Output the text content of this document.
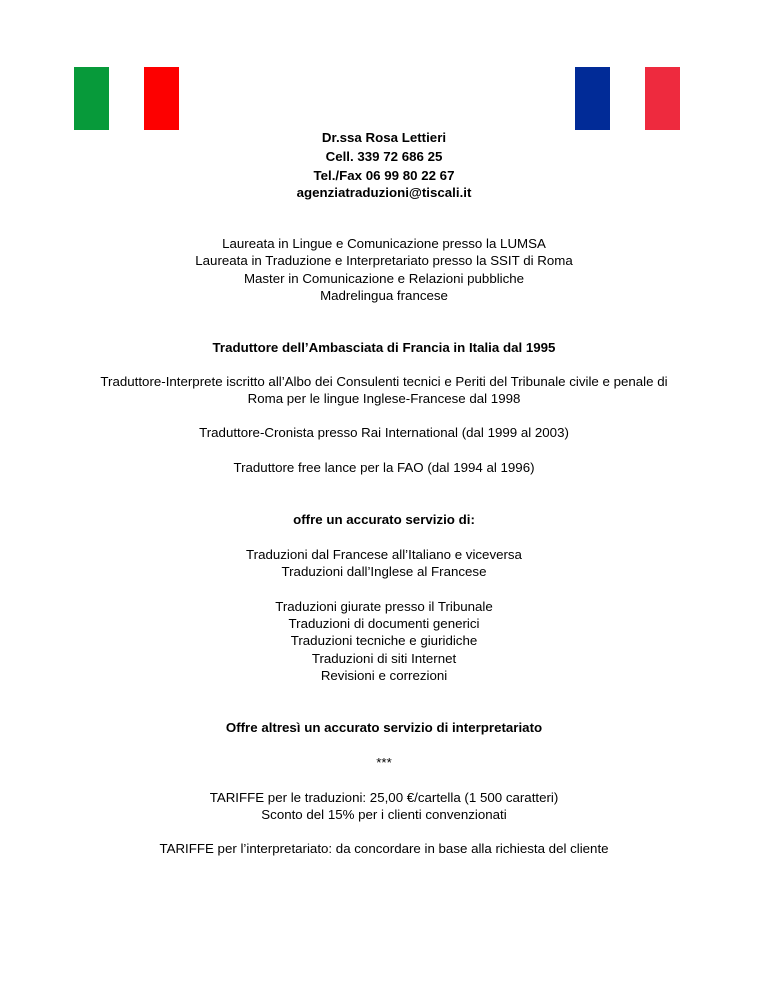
Dr.ssa Rosa Lettieri
Cell. 339 72 686 25
Tel./Fax 06 99 80 22 67
agenziatraduzioni@tiscali.it
Laureata in Lingue e Comunicazione presso la LUMSA
Laureata in Traduzione e Interpretariato presso la SSIT di Roma
Master in Comunicazione e Relazioni pubbliche
Madrelingua francese
Traduttore dell’Ambasciata di Francia in Italia dal 1995
Traduttore-Interprete iscritto all’Albo dei Consulenti tecnici e Periti del Tribunale civile e penale di
Roma per le lingue Inglese-Francese dal 1998
Traduttore-Cronista presso Rai International (dal 1999 al 2003)
Traduttore free lance per la FAO (dal 1994 al 1996)
offre un accurato servizio di:
Traduzioni dal Francese all’Italiano e viceversa
Traduzioni dall’Inglese al Francese
Traduzioni giurate presso il Tribunale
Traduzioni di documenti generici
Traduzioni tecniche e giuridiche
Traduzioni di siti Internet
Revisioni e correzioni
Offre altresì un accurato servizio di interpretariato
***
TARIFFE per le traduzioni: 25,00 €/cartella (1 500 caratteri)
Sconto del 15% per i clienti convenzionati
TARIFFE per l’interpretariato: da concordare in base alla richiesta del cliente
